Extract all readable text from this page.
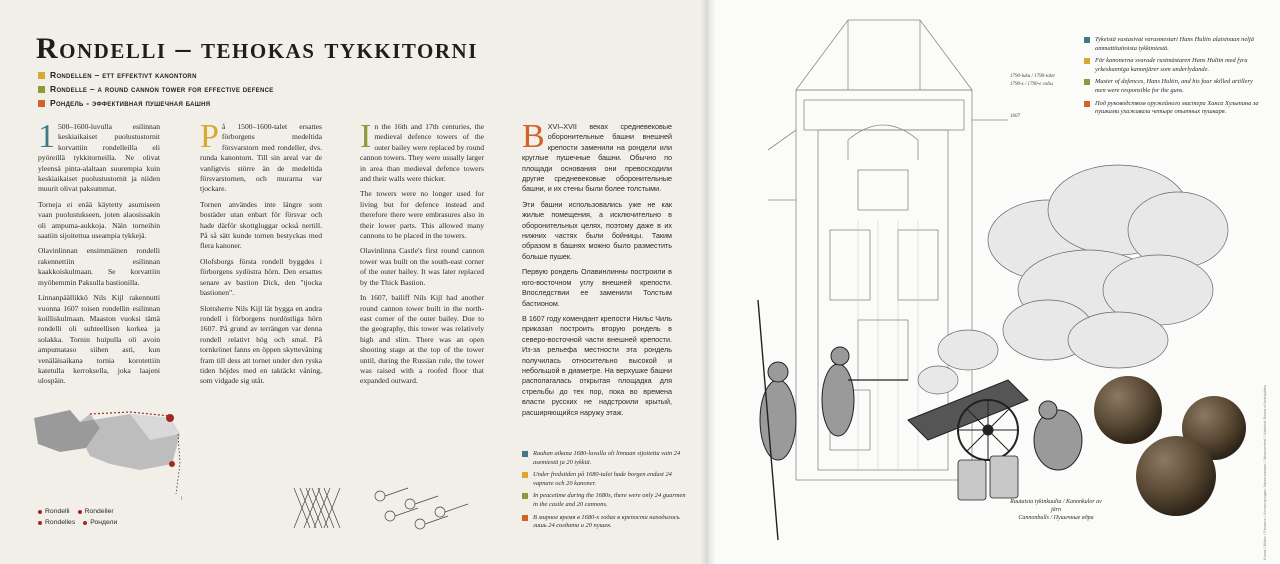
Rondelli – tehokas tykkitorni
Rondellen – ett effektivt kanontorn
Rondelle – a round cannon tower for effective defence
Рондель - эффективная пушечная башня

1 500–1600-luvulla esilinnan keskiaikaiset puolustustornit korvattiin rondelleilla eli pyöreillä tykkitorneilla. Ne olivat yleensä pinta-alaltaan suurempia kuin keskiaikaiset puolustustornit ja niiden muurit olivat paksummat.

Torneja ei enää käytetty asumiseen vaan puolustukseen, joten alaosissakin oli ampuma-aukkoja. Näin torneihin saatiin sijoitettua useampia tykkejä.

Olavinlinnan ensimmäinen rondelli rakennettiin esilinnan kaakkoiskulmaan. Se korvattiin myöhemmin Paksulla bastionilla.

Linnanpäällikkö Nils Kijl rakennutti vuonna 1607 toisen rondellin esilinnan koilliskulmaan. Maaston vuoksi tämä rondelli oli suhteellisen korkea ja solakka. Tornin huipulla oli avoin ampumataso siihen asti, kun venäläisaikana tornia korotettiin katetulla kerroksella, joka laajeni ulospäin.

På 1500–1600-talet ersattes förborgens medeltida försvarstorn med rondeller, dvs. runda kanontorn. Till sin areal var de vanligtvis större än de medeltida försvarstornen, och murarna var tjockare.

Tornen användes inte längre som bostäder utan enbart för försvar och hade därför skottgluggar också nertill. På så sätt kunde tornen bestyckas med flera kanoner.

Olofsborgs första rondell byggdes i förborgens sydöstra hörn. Den ersattes senare av bastion Dick, den "tjocka bastionen".

Slottsherre Nils Kijl lät bygga en andra rondell i förborgens nordöstliga hörn 1607. På grund av terrängen var denna rondell relativt hög och smal. På tornkrönet fanns en öppen skyttevåning fram till dess att tornet under den ryska tiden höjdes med en taktäckt våning, som vidgade sig utåt.

In the 16th and 17th centuries, the medieval defence towers of the outer bailey were replaced by round cannon towers. They were usually larger in area than medieval defence towers and their walls were thicker.

The towers were no longer used for living but for defence instead and therefore there were embrasures also in their lower parts. This allowed many cannons to be placed in the towers.

Olavinlinna Castle's first round cannon tower was built on the south-east corner of the outer bailey. It was later replaced by the Thick Bastion.

In 1607, bailiff Nils Kijl had another round cannon tower built in the north-east corner of the outer bailey. Due to the geography, this tower was relatively high and slim. There was an open shooting stage at the top of the tower until, during the Russian rule, the tower was raised with a roofed floor that expanded outward.

ВXVI–XVII веках средневековые оборонительные башни внешней крепости заменили на рондели или круглые пушечные башни. Обычно по площади основания они превосходили другие средневековые оборонительные башни, и их стены были более толстыми.

Эти башни использовались уже не как жилые помещения, а исключительно в оборонительных целях, поэтому даже в их нижних частях были бойницы. Таким образом в башнях можно было разместить больше пушек.

Первую рондель Олавинлинны построили в юго-восточном углу внешней крепости. Впоследствии ее заменили Толстым бастионом.

В 1607 году комендант крепости Нильс Чиль приказал построить вторую рондель в северо-восточной части внешней крепости. Из-за рельефа местности эта рондель получилась относительно высокой и небольшой в диаметре. На верхушке башни располагалась открытая площадка для стрельбы до тех пор, пока во времена власти русских не надстроили крытый, расширяющийся наружу этаж.

↑
Rondelli Rondeller
Rondelles Рондели
Rauhan aikana 1680-luvulla oli linnaan sijoitettu vain 24 asemiestä ja 20 tykkiä.
Under fredstiden på 1680-talet hade borgen endast 24 vapnare och 20 kanoner.
In peacetime during the 1680s, there were only 24 guarmen in the castle and 20 cannons.
В мирное время в 1680-х годах в крепости находилось лишь 24 солдата и 20 пушек.
1790-luku / 1790-talet
1790-s / 1790-е годы
1607
Tykeistä vastasivat varusmestari Hans Hultin alaisinaan neljä ammattitaitoista tykkimiestä.
För kanonerna svarade rustmästaren Hans Hultin med fyra yrkeskunniga kanonjärer som underlydande.
Master of defences, Hans Hultin, and his four skilled artillery men were responsible for the guns.
Под руководством оружейного мастера Ханса Хультина за пушками ухаживали четыре опытных пушкаря.
Rautaisia tykinkuulia / Kanonkulor av järn
Cannonballs / Пушечные ядра	Kuvat / Bilder / Pictures / Иллюстрации: Museovirasto / Museiverket / National Board of Antiquities
